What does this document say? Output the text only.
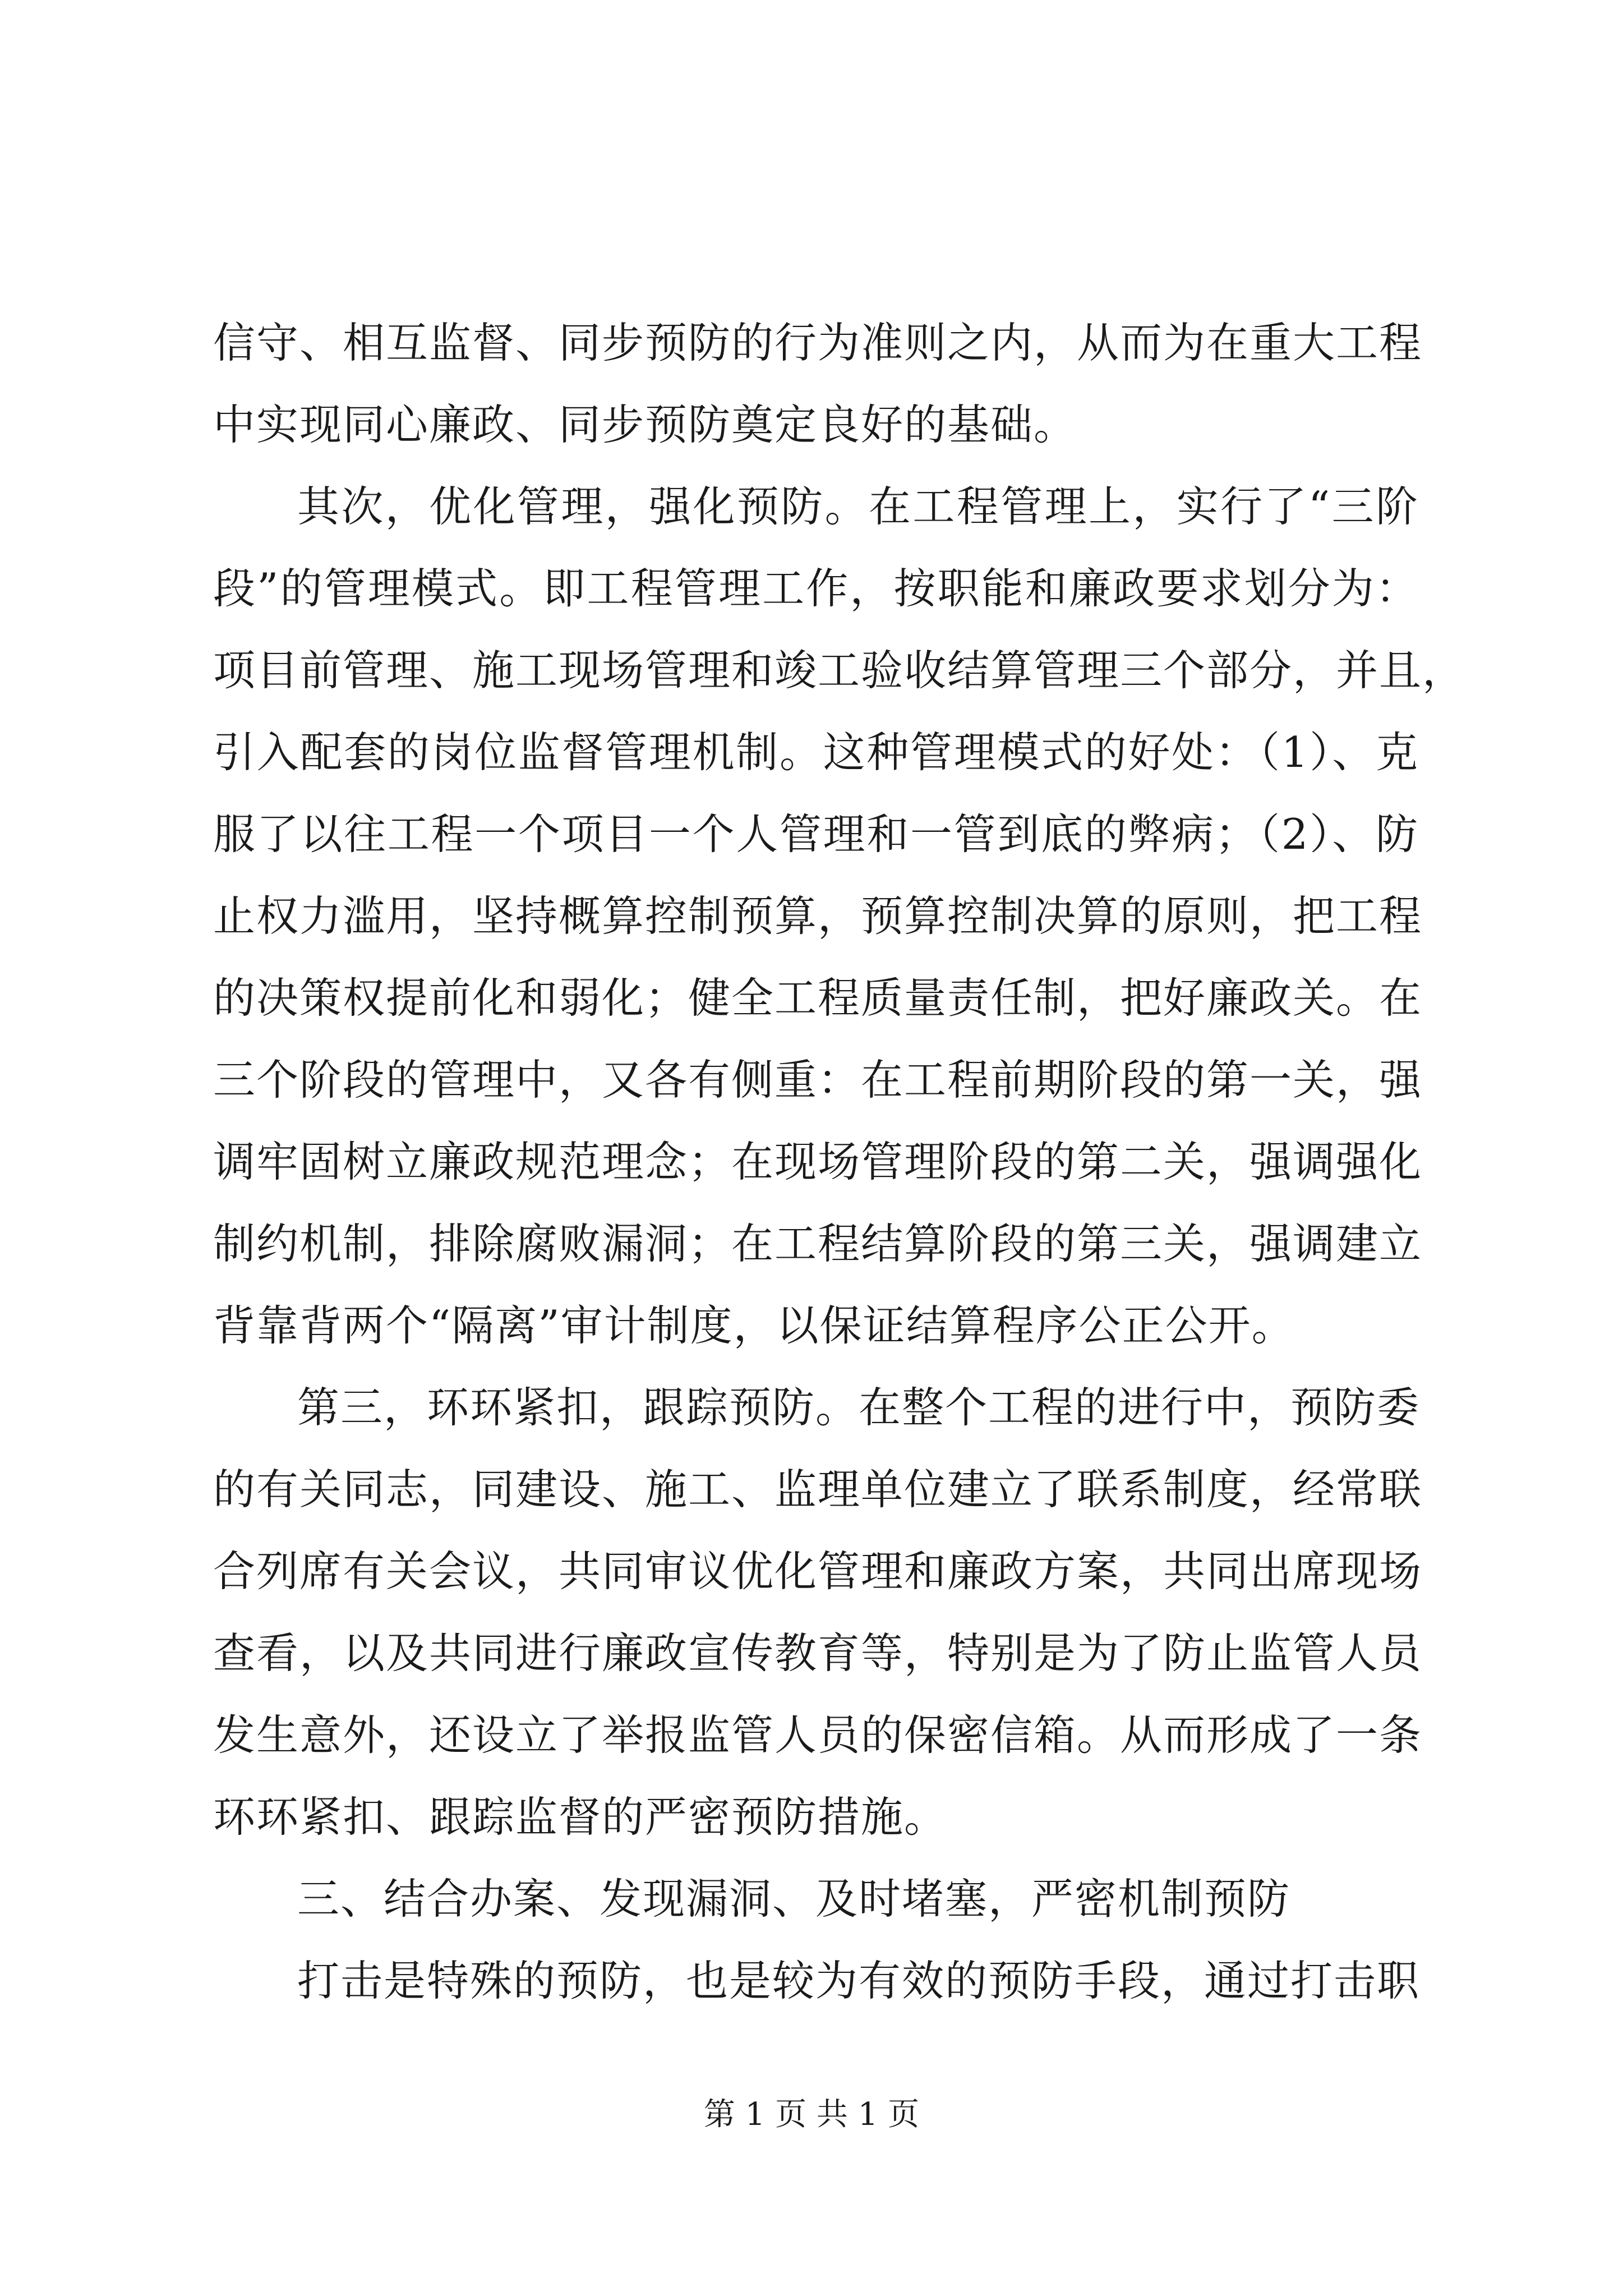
信守、相互监督、同步预防的行为准则之内，从而为在重大工程
中实现同心廉政、同步预防奠定良好的基础。
其次，优化管理，强化预防。在工程管理上，实行了“三阶
段”的管理模式。即工程管理工作，按职能和廉政要求划分为：
项目前管理、施工现场管理和竣工验收结算管理三个部分，并且，
引入配套的岗位监督管理机制。这种管理模式的好处：（1）、克
服了以往工程一个项目一个人管理和一管到底的弊病；（2）、防
止权力滥用，坚持概算控制预算，预算控制决算的原则，把工程
的决策权提前化和弱化；健全工程质量责任制，把好廉政关。在
三个阶段的管理中，又各有侧重：在工程前期阶段的第一关，强
调牢固树立廉政规范理念；在现场管理阶段的第二关，强调强化
制约机制，排除腐败漏洞；在工程结算阶段的第三关，强调建立
背靠背两个“隔离”审计制度，以保证结算程序公正公开。
第三，环环紧扣，跟踪预防。在整个工程的进行中，预防委
的有关同志，同建设、施工、监理单位建立了联系制度，经常联
合列席有关会议，共同审议优化管理和廉政方案，共同出席现场
查看，以及共同进行廉政宣传教育等，特别是为了防止监管人员
发生意外，还设立了举报监管人员的保密信箱。从而形成了一条
环环紧扣、跟踪监督的严密预防措施。
三、结合办案、发现漏洞、及时堵塞，严密机制预防
打击是特殊的预防，也是较为有效的预防手段，通过打击职
第 1 页 共 1 页
